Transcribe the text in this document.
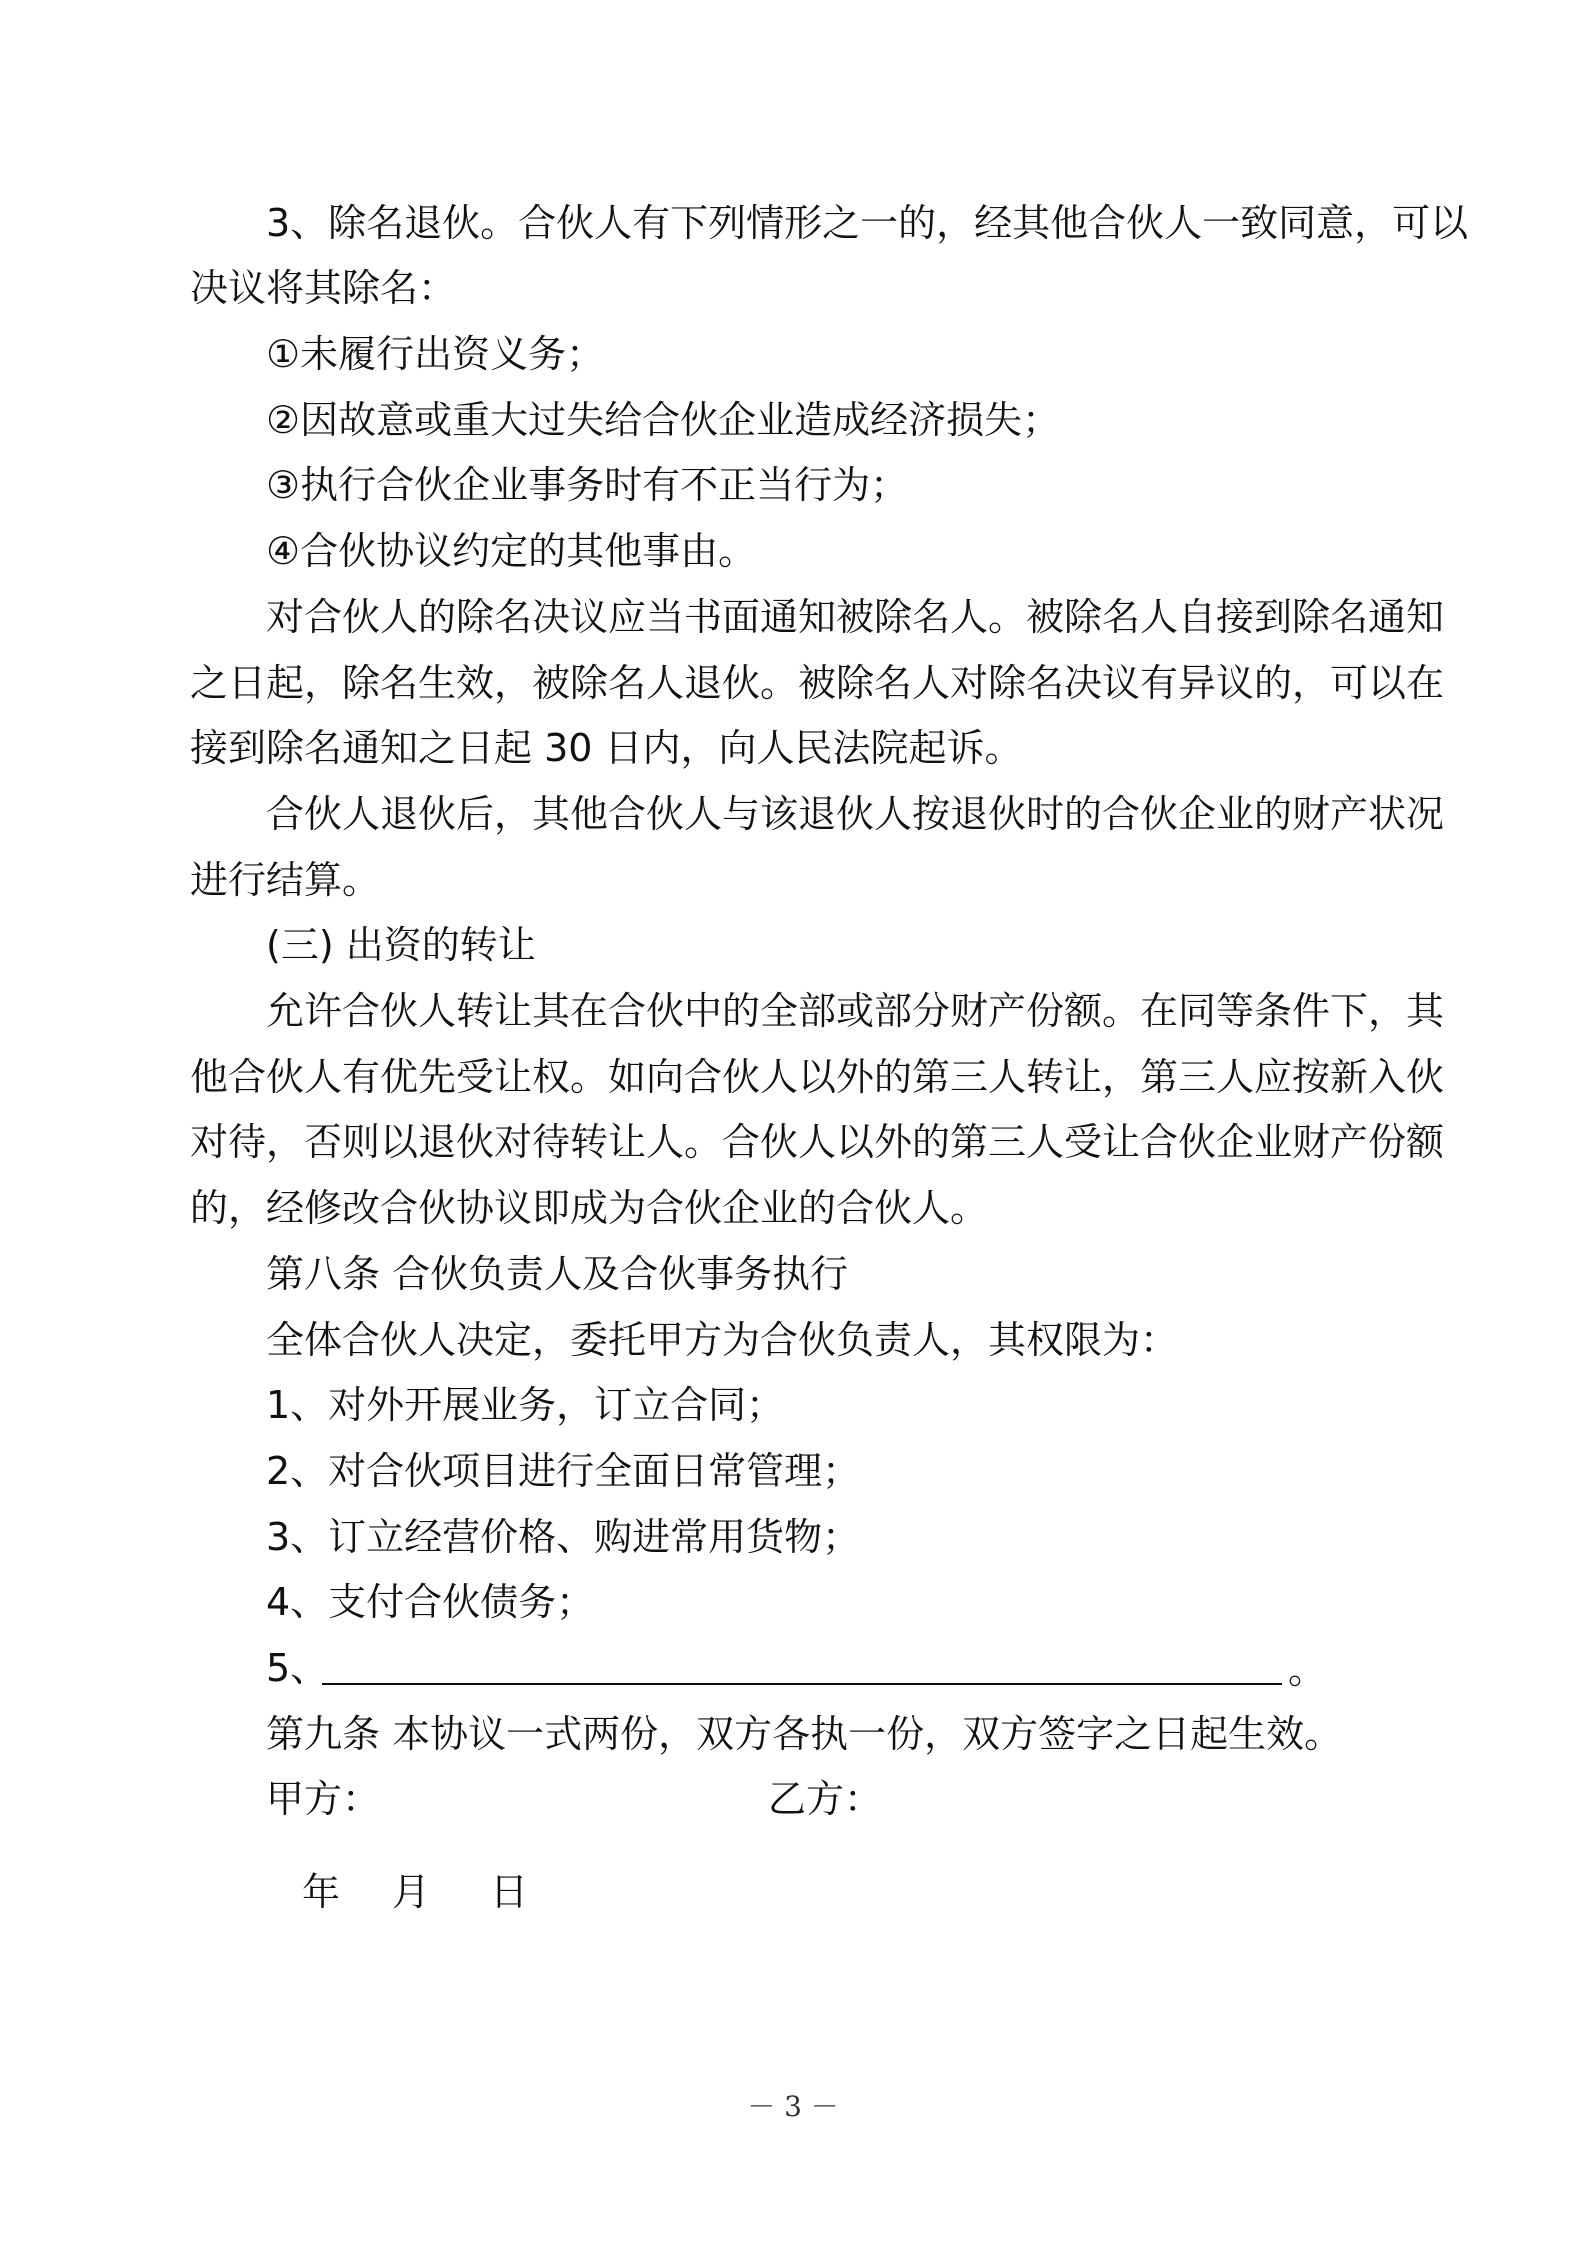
3、除名退伙。合伙人有下列情形之一的，经其他合伙人一致同意，可以
决议将其除名：
①未履行出资义务；
②因故意或重大过失给合伙企业造成经济损失；
③执行合伙企业事务时有不正当行为；
④合伙协议约定的其他事由。
对合伙人的除名决议应当书面通知被除名人。被除名人自接到除名通知
之日起，除名生效，被除名人退伙。被除名人对除名决议有异议的，可以在
接到除名通知之日起 30 日内，向人民法院起诉。
合伙人退伙后，其他合伙人与该退伙人按退伙时的合伙企业的财产状况
进行结算。
(三) 出资的转让
允许合伙人转让其在合伙中的全部或部分财产份额。在同等条件下，其
他合伙人有优先受让权。如向合伙人以外的第三人转让，第三人应按新入伙
对待，否则以退伙对待转让人。合伙人以外的第三人受让合伙企业财产份额
的，经修改合伙协议即成为合伙企业的合伙人。
第八条 合伙负责人及合伙事务执行
全体合伙人决定，委托甲方为合伙负责人，其权限为：
1、对外开展业务，订立合同；
2、对合伙项目进行全面日常管理；
3、订立经营价格、购进常用货物；
4、支付合伙债务；
5、	。
第九条 本协议一式两份，双方各执一份，双方签字之日起生效。
甲方：	乙方：
年 月 日
－ 3 －
